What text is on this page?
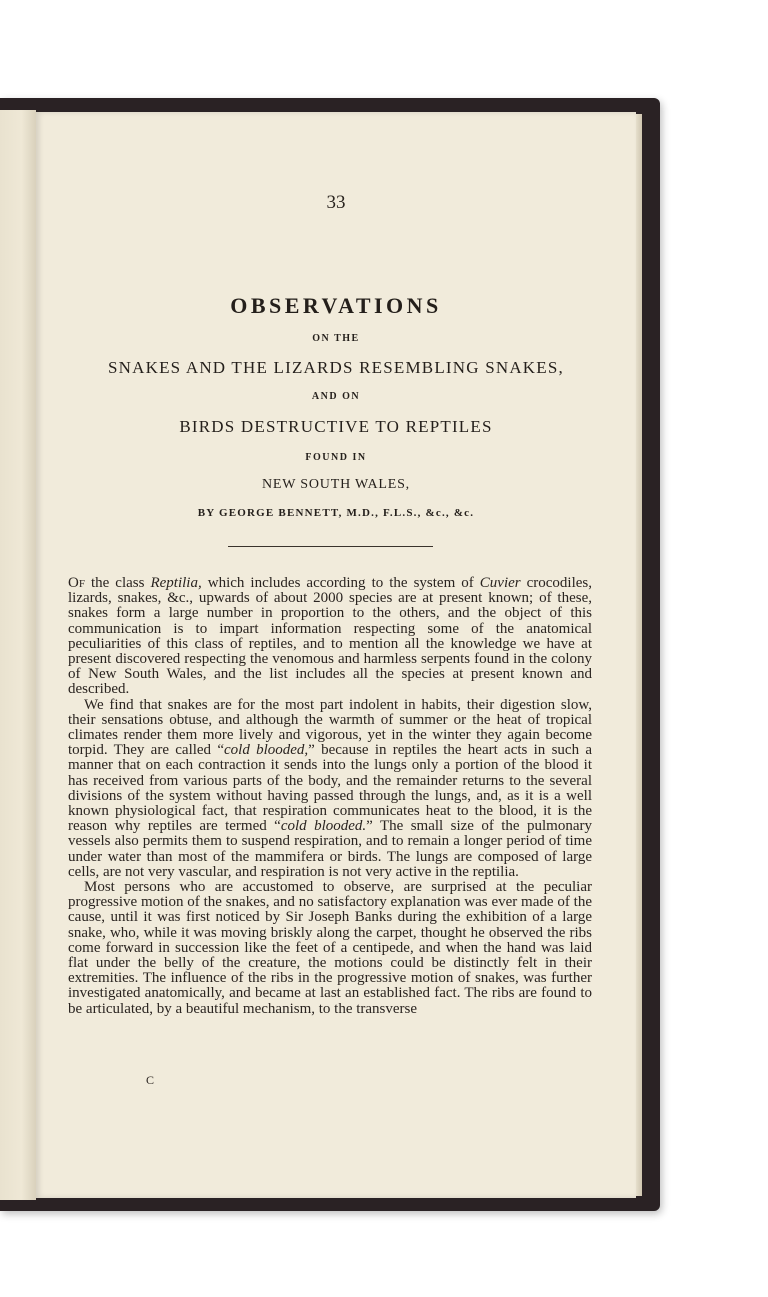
33
OBSERVATIONS
ON THE
SNAKES AND THE LIZARDS RESEMBLING SNAKES,
AND ON
BIRDS DESTRUCTIVE TO REPTILES
FOUND IN
NEW SOUTH WALES,
BY GEORGE BENNETT, M.D., F.L.S., &c., &c.

Of the class Reptilia, which includes according to the system of Cuvier crocodiles, lizards, snakes, &c., upwards of about 2000 species are at present known; of these, snakes form a large number in proportion to the others, and the object of this communication is to impart information respecting some of the anatomical peculiarities of this class of reptiles, and to mention all the knowledge we have at present discovered respecting the venomous and harmless serpents found in the colony of New South Wales, and the list includes all the species at present known and described.

We find that snakes are for the most part indolent in habits, their digestion slow, their sensations obtuse, and although the warmth of summer or the heat of tropical climates render them more lively and vigorous, yet in the winter they again become torpid. They are called “cold blooded,” because in reptiles the heart acts in such a manner that on each contraction it sends into the lungs only a portion of the blood it has received from various parts of the body, and the remainder returns to the several divisions of the system without having passed through the lungs, and, as it is a well known physiological fact, that respiration communicates heat to the blood, it is the reason why reptiles are termed “cold blooded.” The small size of the pulmonary vessels also permits them to suspend respiration, and to remain a longer period of time under water than most of the mammifera or birds. The lungs are composed of large cells, are not very vascular, and respiration is not very active in the reptilia.

Most persons who are accustomed to observe, are surprised at the peculiar progressive motion of the snakes, and no satisfactory explanation was ever made of the cause, until it was first noticed by Sir Joseph Banks during the exhibition of a large snake, who, while it was moving briskly along the carpet, thought he observed the ribs come forward in succession like the feet of a centipede, and when the hand was laid flat under the belly of the creature, the motions could be distinctly felt in their extremities. The influence of the ribs in the progressive motion of snakes, was further investigated anatomically, and became at last an established fact. The ribs are found to be articulated, by a beautiful mechanism, to the transverse

C
